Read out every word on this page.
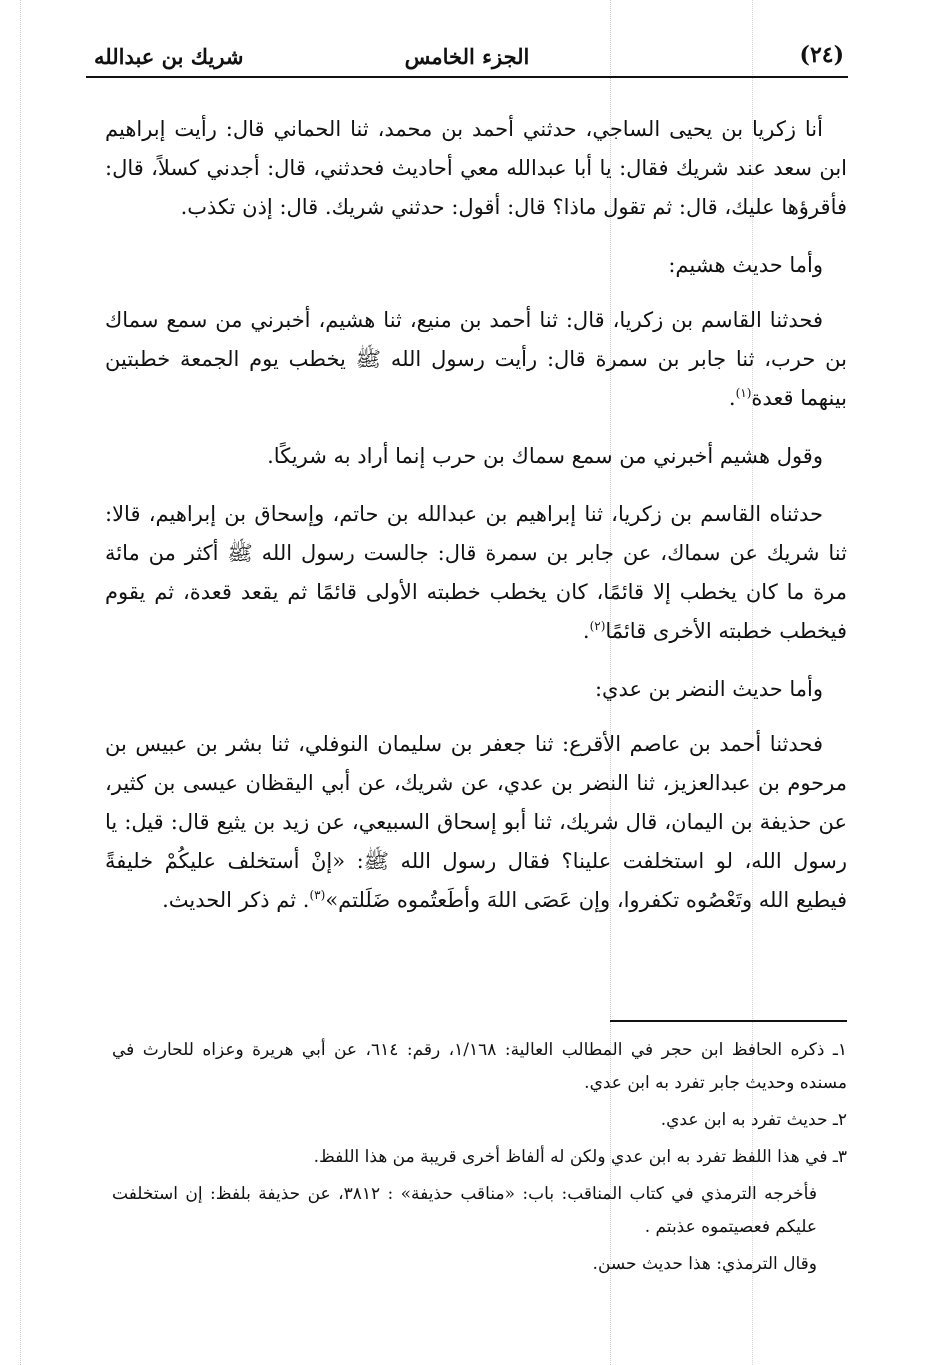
(٢٤)
الجزء الخامس
شريك بن عبدالله

أنا زكريا بن يحيى الساجي، حدثني أحمد بن محمد، ثنا الحماني قال: رأيت إبراهيم ابن سعد عند شريك فقال: يا أبا عبدالله معي أحاديث فحدثني، قال: أجدني كسلاً، قال: فأقرؤها عليك، قال: ثم تقول ماذا؟ قال: أقول: حدثني شريك. قال: إذن تكذب.

وأما حديث هشيم:

فحدثنا القاسم بن زكريا، قال: ثنا أحمد بن منيع، ثنا هشيم، أخبرني من سمع سماك بن حرب، ثنا جابر بن سمرة قال: رأيت رسول الله ﷺ يخطب يوم الجمعة خطبتين بينهما قعدة$^{(١)}$.

وقول هشيم أخبرني من سمع سماك بن حرب إنما أراد به شريكًا.

حدثناه القاسم بن زكريا، ثنا إبراهيم بن عبدالله بن حاتم، وإسحاق بن إبراهيم، قالا: ثنا شريك عن سماك، عن جابر بن سمرة قال: جالست رسول الله ﷺ أكثر من مائة مرة ما كان يخطب إلا قائمًا، كان يخطب خطبته الأولى قائمًا ثم يقعد قعدة، ثم يقوم فيخطب خطبته الأخرى قائمًا$^{(٢)}$.

وأما حديث النضر بن عدي:

فحدثنا أحمد بن عاصم الأقرع: ثنا جعفر بن سليمان النوفلي، ثنا بشر بن عبيس بن مرحوم بن عبدالعزيز، ثنا النضر بن عدي، عن شريك، عن أبي اليقظان عيسى بن كثير، عن حذيفة بن اليمان، قال شريك، ثنا أبو إسحاق السبيعي، عن زيد بن يثيع قال: قيل: يا رسول الله، لو استخلفت علينا؟ فقال رسول الله ﷺ: «إنْ أستخلف عليكُمْ خليفةً فيطيع الله وتَعْصُوه تكفروا، وإن عَصَى اللهَ وأطَعتُموه ضَلَلتم»$^{(٣)}$. ثم ذكر الحديث.

١ـ ذكره الحافظ ابن حجر في المطالب العالية: ١/١٦٨، رقم: ٦١٤، عن أبي هريرة وعزاه للحارث في مسنده وحديث جابر تفرد به ابن عدي.

٢ـ حديث تفرد به ابن عدي.

٣ـ في هذا اللفظ تفرد به ابن عدي ولكن له ألفاظ أخرى قريبة من هذا اللفظ.

فأخرجه الترمذي في كتاب المناقب: باب: «مناقب حذيفة» : ٣٨١٢، عن حذيفة بلفظ: إن استخلفت عليكم فعصيتموه عذبتم .

وقال الترمذي: هذا حديث حسن.
